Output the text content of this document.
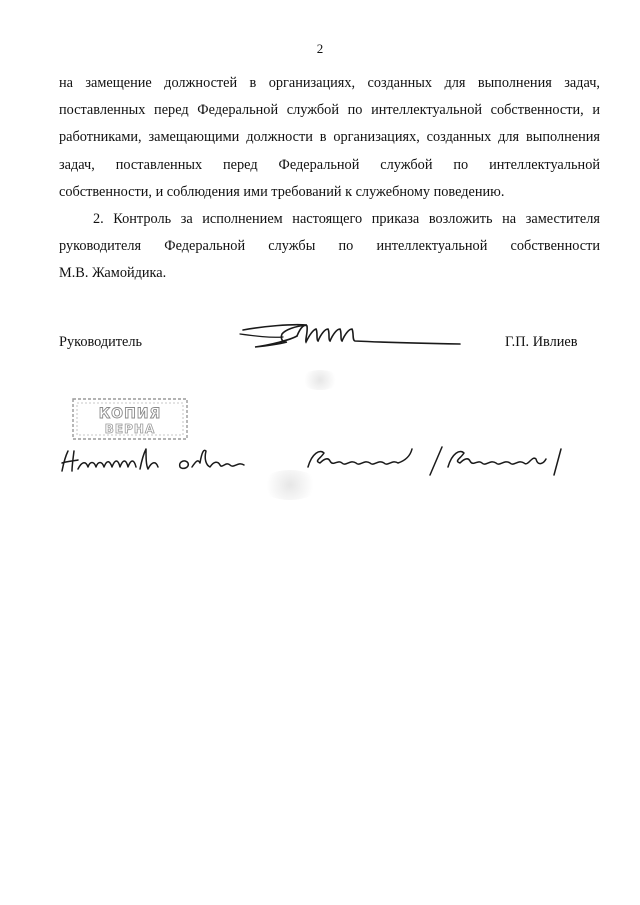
2
на замещение должностей в организациях, созданных для выполнения задач,
поставленных перед Федеральной службой по интеллектуальной собственности, и
работниками, замещающими должности в организациях, созданных для выполнения
задач, поставленных перед Федеральной службой по интеллектуальной
собственности, и соблюдения ими требований к служебному поведению.
2. Контроль за исполнением настоящего приказа возложить на заместителя
руководителя Федеральной службы по интеллектуальной собственности
М.В. Жамойдика.
Руководитель	Г.П. Ивлиев
КОПИЯ
ВЕРНА
